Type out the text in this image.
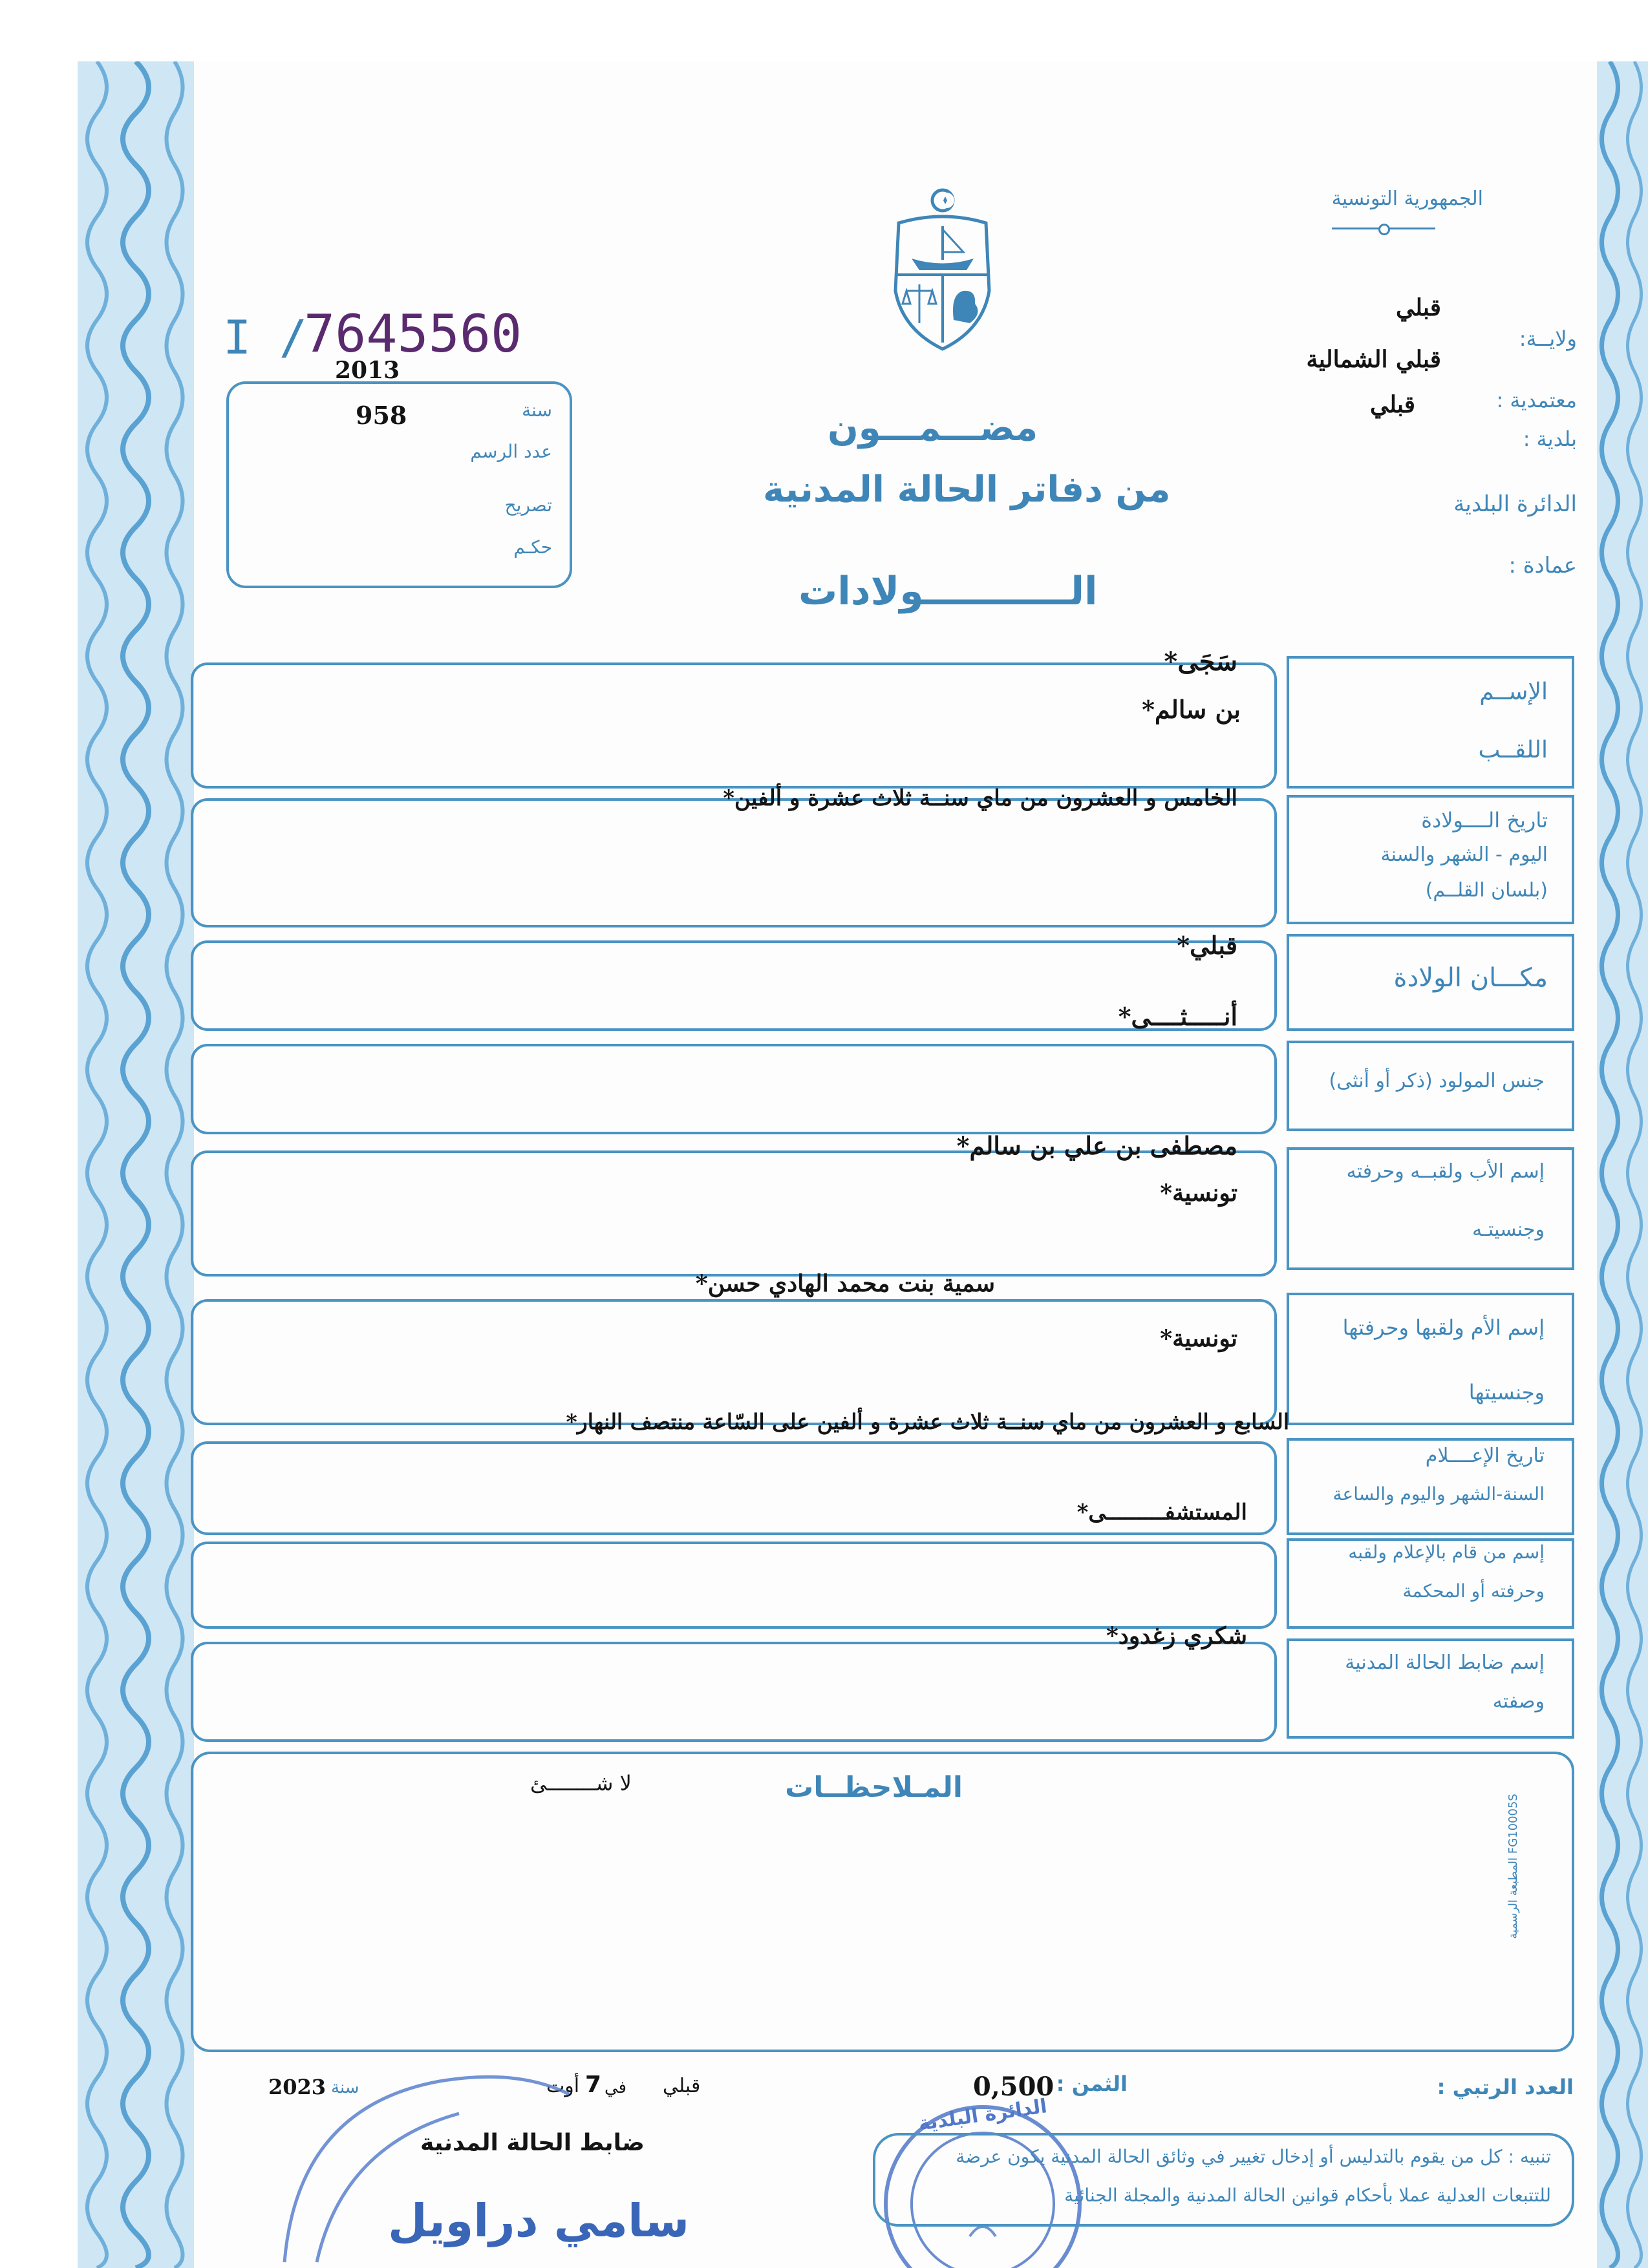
الجمهورية التونسية
ولايــة:
قبلي
معتمدية :
قبلي الشمالية
بلدية :
قبلي
الدائرة البلدية
عمادة :
مضـــمـــون
من دفاتر الحالة المدنية
الـــــــــــولادات
I /
7645560
2013
سنة
958
عدد الرسم
تصريح
حكـم
الإســم
اللقــب
سَجَى*
بن سالم*
تاريخ الــــولادة
اليوم - الشهر والسنة
(بلسان القلــم)
الخامس و العشرون من ماي سنــة ثلاث عشرة و ألفين*
مكـــان الولادة
قبلي*
جنس المولود (ذكر أو أنثى)
أنـــــثــــى*
إسم الأب ولقبــه وحرفته
وجنسيتـه
مصطفى بن علي بن سالم*
تونسية*
إسم الأم ولقبها وحرفتها
وجنسيتها
سمية بنت محمد الهادي حسن*
تونسية*
تاريخ الإعــــلام
السنة-الشهر واليوم والساعة
السابع و العشرون من ماي سنــة ثلاث عشرة و ألفين على السّاعة منتصف النهار*
إسم من قام بالإعلام ولقبه
وحرفته أو المحكمة
المستشفـــــــــى*
إسم ضابط الحالة المدنية
وصفته
شكري زغدود*
المـلاحظــات
لا شــــــــئ
المطبعة الرسمية FG10005S
العدد الرتبي :
الثمن :
0,500
قبلي
في
7
أوت
سنة
2023
ضابط الحالة المدنية
سامي دراويل
الدائرة البلدية
تنبيه : كل من يقوم بالتدليس أو إدخال تغيير في وثائق الحالة المدنية يكون عرضة
للتتبعات العدلية عملا بأحكام قوانين الحالة المدنية والمجلة الجنائية
